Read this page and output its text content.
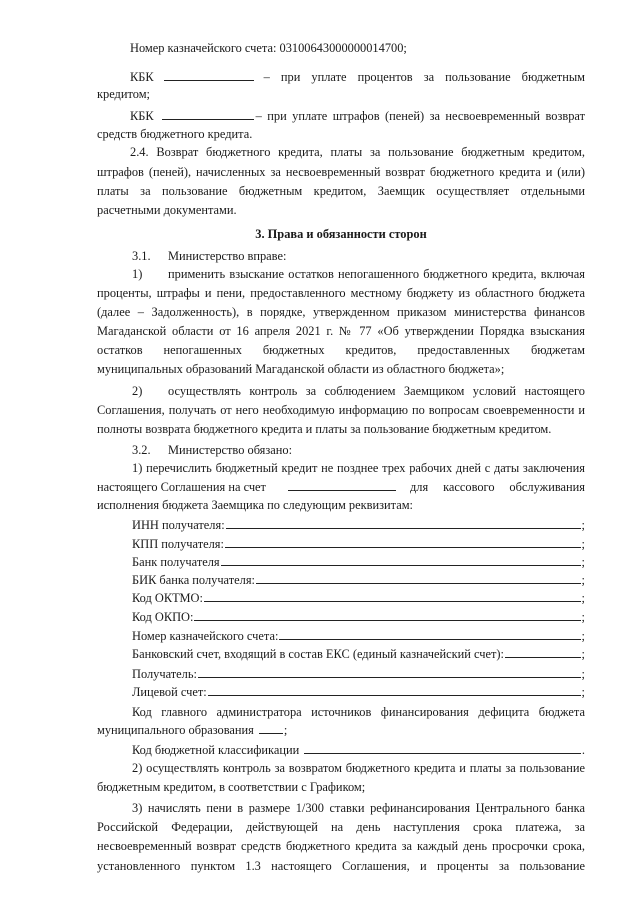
Номер казначейского счета: 03100643000000014700;
КБК	– при уплате процентов за пользование бюджетным
кредитом;
КБК	– при уплате штрафов (пеней) за несвоевременный возврат
средств бюджетного кредита.
2.4. Возврат бюджетного кредита, платы за пользование бюджетным кредитом,
штрафов (пеней), начисленных за несвоевременный возврат бюджетного кредита и (или)
платы за пользование бюджетным кредитом, Заемщик осуществляет отдельными
расчетными документами.
3. Права и обязанности сторон
3.1. Министерство вправе:
1)	применить взыскание остатков непогашенного бюджетного кредита, включая
проценты, штрафы и пени, предоставленного местному бюджету из областного бюджета
(далее – Задолженность), в порядке, утвержденном приказом министерства финансов
Магаданской области от 16 апреля 2021 г. № 77 «Об утверждении Порядка взыскания
остатков непогашенных бюджетных кредитов, предоставленных бюджетам
муниципальных образований Магаданской области из областного бюджета»;
2)	осуществлять контроль за соблюдением Заемщиком условий настоящего
Соглашения, получать от него необходимую информацию по вопросам своевременности и
полноты возврата бюджетного кредита и платы за пользование бюджетным кредитом.
3.2. Министерство обязано:
1) перечислить бюджетный кредит не позднее трех рабочих дней с даты заключения
настоящего Соглашения на счет	для кассового обслуживания
исполнения бюджета Заемщика по следующим реквизитам:
ИНН получателя:	;
КПП получателя:	;
Банк получателя	;
БИК банка получателя:	;
Код ОКТМО:	;
Код ОКПО:	;
Номер казначейского счета:	;
Банковский счет, входящий в состав ЕКС (единый казначейский счет):	;
Получатель:	;
Лицевой счет:	;
Код главного администратора источников финансирования дефицита бюджета
муниципального образования ;
Код бюджетной классификации	.
2) осуществлять контроль за возвратом бюджетного кредита и платы за пользование
бюджетным кредитом, в соответствии с Графиком;
3) начислять пени в размере 1/300 ставки рефинансирования Центрального банка
Российской Федерации, действующей на день наступления срока платежа, за
несвоевременный возврат средств бюджетного кредита за каждый день просрочки срока,
установленного пунктом 1.3 настоящего Соглашения, и проценты за пользование
